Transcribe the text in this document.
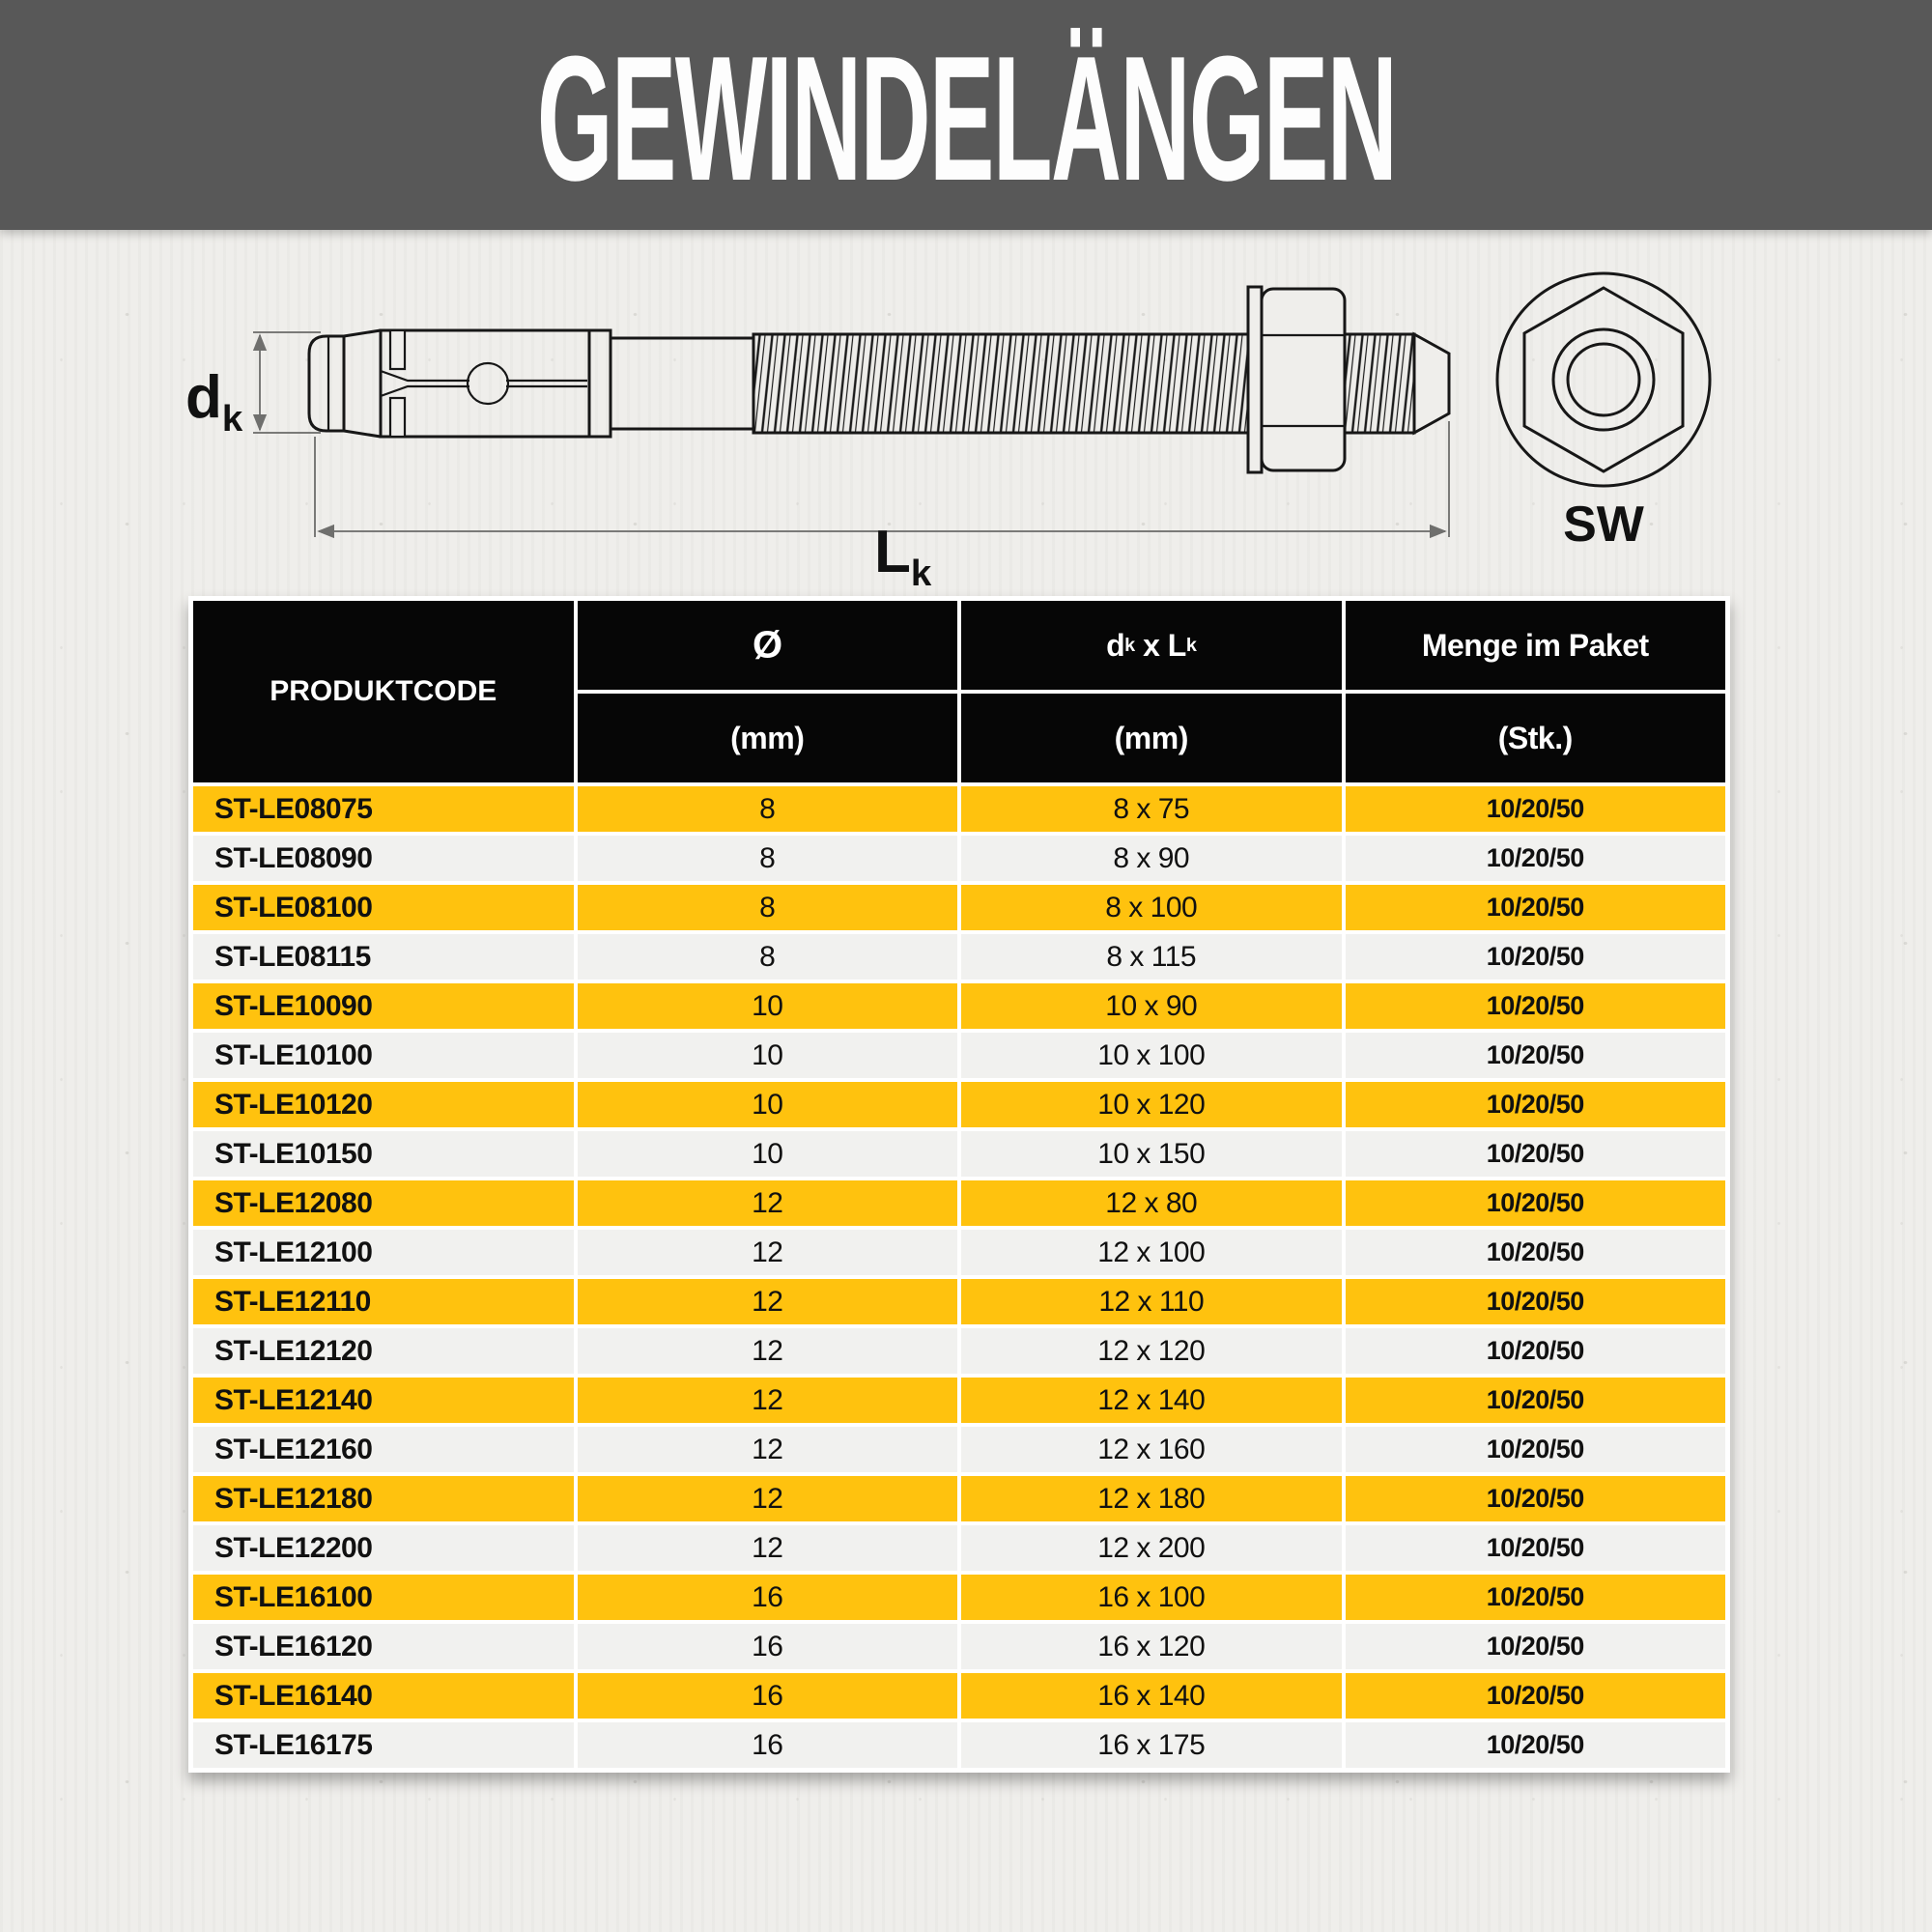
GEWINDELÄNGEN
$d_k$
$L_k$
SW
PRODUKTCODE
Ø	d k x L k	Menge im Paket
(mm)	(mm)	(Stk.)
ST-LE08075	8	8 x 75	10/20/50
ST-LE08090	8	8 x 90	10/20/50
ST-LE08100	8	8 x 100	10/20/50
ST-LE08115	8	8 x 115	10/20/50
ST-LE10090	10	10 x 90	10/20/50
ST-LE10100	10	10 x 100	10/20/50
ST-LE10120	10	10 x 120	10/20/50
ST-LE10150	10	10 x 150	10/20/50
ST-LE12080	12	12 x 80	10/20/50
ST-LE12100	12	12 x 100	10/20/50
ST-LE12110	12	12 x 110	10/20/50
ST-LE12120	12	12 x 120	10/20/50
ST-LE12140	12	12 x 140	10/20/50
ST-LE12160	12	12 x 160	10/20/50
ST-LE12180	12	12 x 180	10/20/50
ST-LE12200	12	12 x 200	10/20/50
ST-LE16100	16	16 x 100	10/20/50
ST-LE16120	16	16 x 120	10/20/50
ST-LE16140	16	16 x 140	10/20/50
ST-LE16175	16	16 x 175	10/20/50
